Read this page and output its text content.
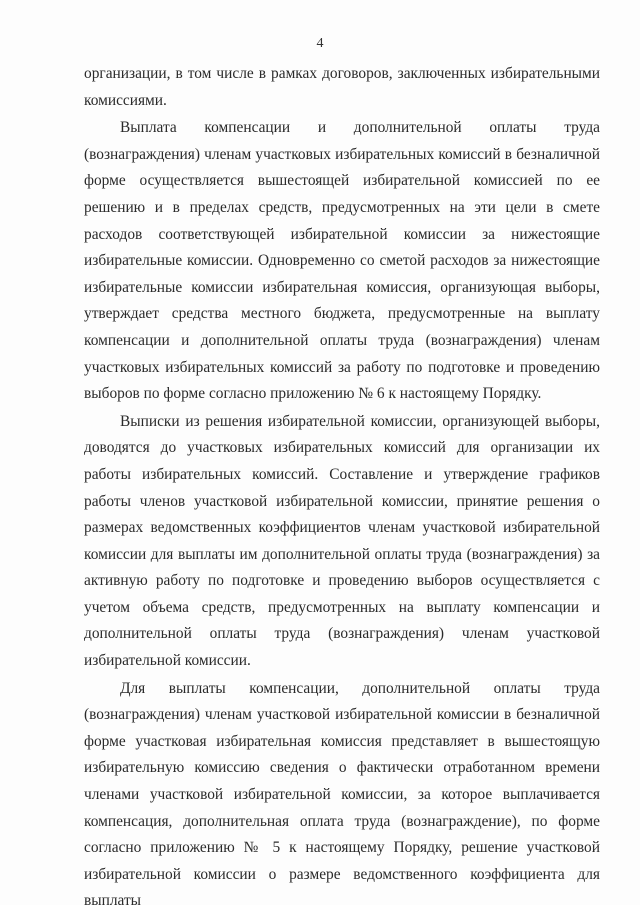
4

организации, в том числе в рамках договоров, заключенных избирательными комиссиями.

Выплата компенсации и дополнительной оплаты труда (вознаграждения) членам участковых избирательных комиссий в безналичной форме осуществляется вышестоящей избирательной комиссией по ее решению и в пределах средств, предусмотренных на эти цели в смете расходов соответствующей избирательной комиссии за нижестоящие избирательные комиссии. Одновременно со сметой расходов за нижестоящие избирательные комиссии избирательная комиссия, организующая выборы, утверждает средства местного бюджета, предусмотренные на выплату компенсации и дополнительной оплаты труда (вознаграждения) членам участковых избирательных комиссий за работу по подготовке и проведению выборов по форме согласно приложению № 6 к настоящему Порядку.

Выписки из решения избирательной комиссии, организующей выборы, доводятся до участковых избирательных комиссий для организации их работы избирательных комиссий. Составление и утверждение графиков работы членов участковой избирательной комиссии, принятие решения о размерах ведомственных коэффициентов членам участковой избирательной комиссии для выплаты им дополнительной оплаты труда (вознаграждения) за активную работу по подготовке и проведению выборов осуществляется с учетом объема средств, предусмотренных на выплату компенсации и дополнительной оплаты труда (вознаграждения) членам участковой избирательной комиссии.

Для выплаты компенсации, дополнительной оплаты труда (вознаграждения) членам участковой избирательной комиссии в безналичной форме участковая избирательная комиссия представляет в вышестоящую избирательную комиссию сведения о фактически отработанном времени членами участковой избирательной комиссии, за которое выплачивается компенсация, дополнительная оплата труда (вознаграждение), по форме согласно приложению № 5 к настоящему Порядку, решение участковой избирательной комиссии о размере ведомственного коэффициента для выплаты
